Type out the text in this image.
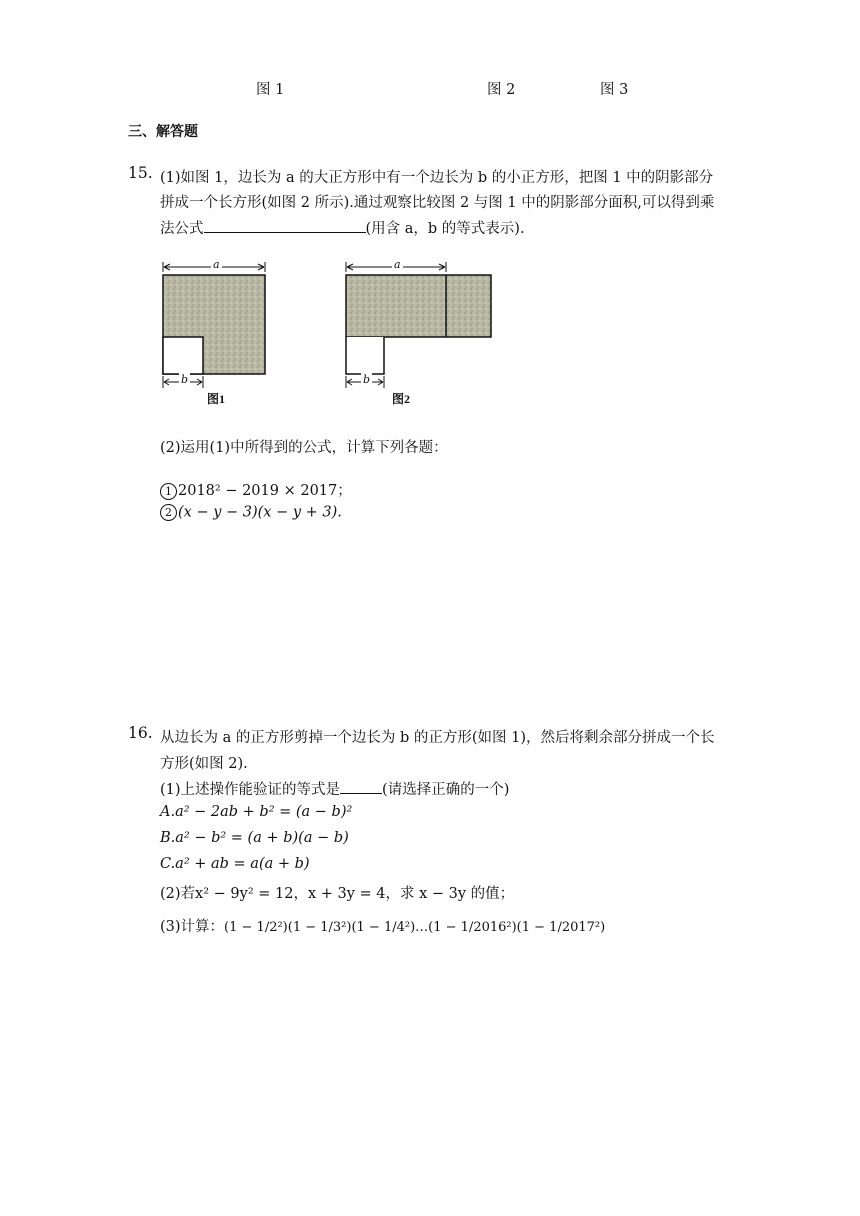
图 1	图 2	图 3
三、解答题
15. (1)如图 1，边长为 a 的大正方形中有一个边长为 b 的小正方形，把图 1 中的阴影部分
拼成一个长方形(如图 2 所示).通过观察比较图 2 与图 1 中的阴影部分面积,可以得到乘
法公式	(用含 a，b 的等式表示).
a
b
图1
a
b
图2
(2)运用(1)中所得到的公式，计算下列各题：
1 2018² − 2019 × 2017；
2 (x − y − 3)(x − y + 3).
16. 从边长为 a 的正方形剪掉一个边长为 b 的正方形(如图 1)，然后将剩余部分拼成一个长
方形(如图 2).
(1)上述操作能验证的等式是	(请选择正确的一个)
A.a² − 2ab + b² = (a − b)²
B.a² − b² = (a + b)(a − b)
C.a² + ab = a(a + b)
(2)若x² − 9y² = 12，x + 3y = 4，求 x − 3y 的值；
(3)计算：(1 − 1/2²)(1 − 1/3²)(1 − 1/4²)…(1 − 1/2016²)(1 − 1/2017²)
